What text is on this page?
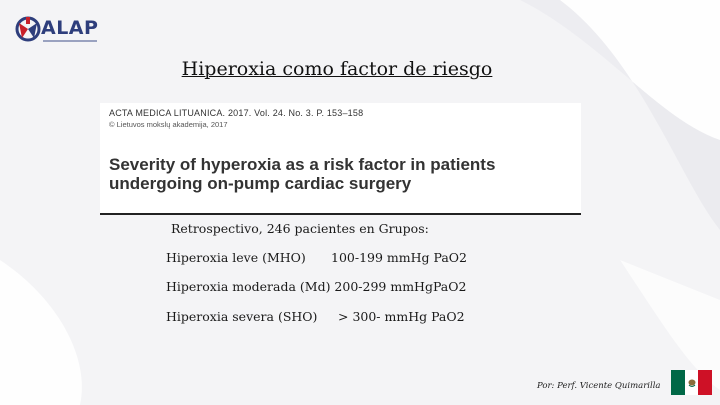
ALAP
Hiperoxia como factor de riesgo
ACTA MEDICA LITUANICA. 2017. Vol. 24. No. 3. P. 153–158
© Lietuvos mokslų akademija, 2017
Severity of hyperoxia as a risk factor in patients undergoing on-pump cardiac surgery
Retrospectivo, 246 pacientes en Grupos:
Hiperoxia leve (MHO) 100-199 mmHg PaO2
Hiperoxia moderada (Md) 200-299 mmHgPaO2
Hiperoxia severa (SHO) > 300- mmHg PaO2
Por: Perf. Vicente Quimarilla
